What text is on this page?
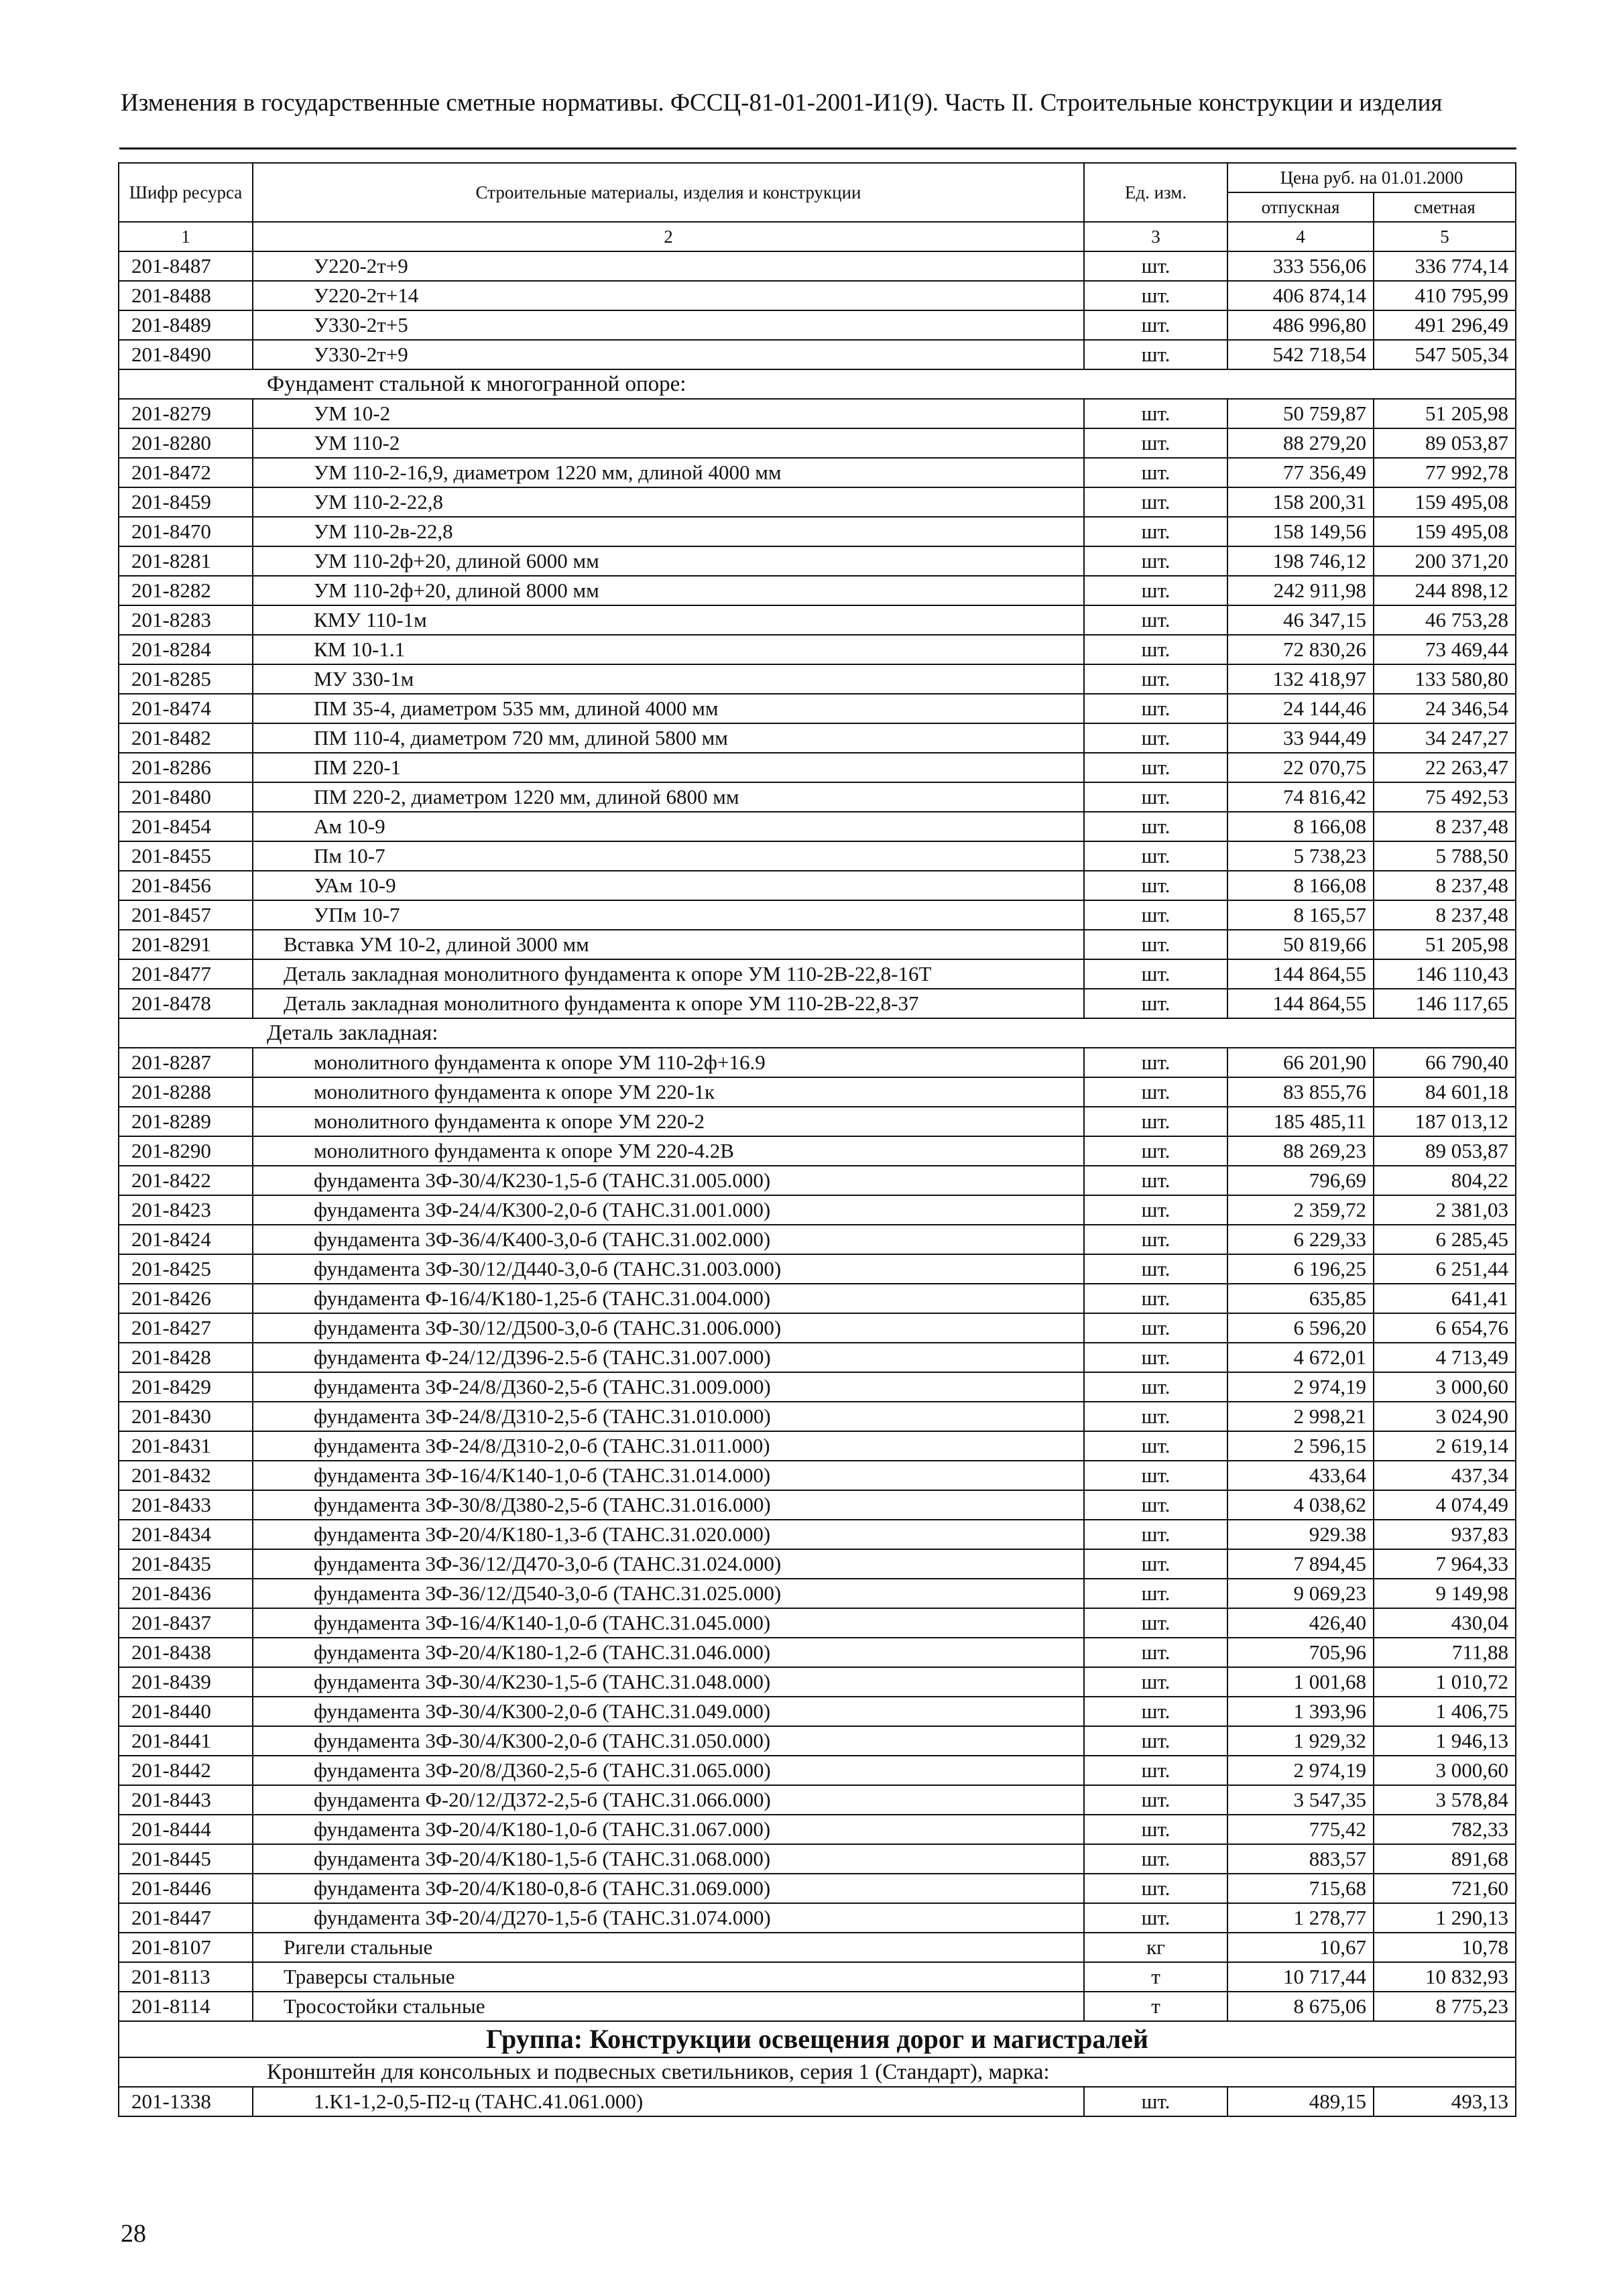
Изменения в государственные сметные нормативы. ФССЦ-81-01-2001-И1(9). Часть II. Строительные конструкции и изделия
Шифр ресурса	Строительные материалы, изделия и конструкции	Ед. изм.	Цена руб. на 01.01.2000	
			отпускная	сметная
1	2	3	4	5
201-8487	У220-2т+9	шт.	333 556,06	336 774,14
201-8488	У220-2т+14	шт.	406 874,14	410 795,99
201-8489	У330-2т+5	шт.	486 996,80	491 296,49
201-8490	У330-2т+9	шт.	542 718,54	547 505,34
Фундамент стальной к многогранной опоре:				
201-8279	УМ 10-2	шт.	50 759,87	51 205,98
201-8280	УМ 110-2	шт.	88 279,20	89 053,87
201-8472	УМ 110-2-16,9, диаметром 1220 мм, длиной 4000 мм	шт.	77 356,49	77 992,78
201-8459	УМ 110-2-22,8	шт.	158 200,31	159 495,08
201-8470	УМ 110-2в-22,8	шт.	158 149,56	159 495,08
201-8281	УМ 110-2ф+20, длиной 6000 мм	шт.	198 746,12	200 371,20
201-8282	УМ 110-2ф+20, длиной 8000 мм	шт.	242 911,98	244 898,12
201-8283	КМУ 110-1м	шт.	46 347,15	46 753,28
201-8284	КМ 10-1.1	шт.	72 830,26	73 469,44
201-8285	МУ 330-1м	шт.	132 418,97	133 580,80
201-8474	ПМ 35-4, диаметром 535 мм, длиной 4000 мм	шт.	24 144,46	24 346,54
201-8482	ПМ 110-4, диаметром 720 мм, длиной 5800 мм	шт.	33 944,49	34 247,27
201-8286	ПМ 220-1	шт.	22 070,75	22 263,47
201-8480	ПМ 220-2, диаметром 1220 мм, длиной 6800 мм	шт.	74 816,42	75 492,53
201-8454	Ам 10-9	шт.	8 166,08	8 237,48
201-8455	Пм 10-7	шт.	5 738,23	5 788,50
201-8456	УАм 10-9	шт.	8 166,08	8 237,48
201-8457	УПм 10-7	шт.	8 165,57	8 237,48
201-8291	Вставка УМ 10-2, длиной 3000 мм	шт.	50 819,66	51 205,98
201-8477	Деталь закладная монолитного фундамента к опоре УМ 110-2В-22,8-16Т	шт.	144 864,55	146 110,43
201-8478	Деталь закладная монолитного фундамента к опоре УМ 110-2В-22,8-37	шт.	144 864,55	146 117,65
Деталь закладная:				
201-8287	монолитного фундамента к опоре УМ 110-2ф+16.9	шт.	66 201,90	66 790,40
201-8288	монолитного фундамента к опоре УМ 220-1к	шт.	83 855,76	84 601,18
201-8289	монолитного фундамента к опоре УМ 220-2	шт.	185 485,11	187 013,12
201-8290	монолитного фундамента к опоре УМ 220-4.2В	шт.	88 269,23	89 053,87
201-8422	фундамента 3Ф-30/4/К230-1,5-б (ТАНС.31.005.000)	шт.	796,69	804,22
201-8423	фундамента 3Ф-24/4/К300-2,0-б (ТАНС.31.001.000)	шт.	2 359,72	2 381,03
201-8424	фундамента 3Ф-36/4/К400-3,0-б (ТАНС.31.002.000)	шт.	6 229,33	6 285,45
201-8425	фундамента 3Ф-30/12/Д440-3,0-б (ТАНС.31.003.000)	шт.	6 196,25	6 251,44
201-8426	фундамента Ф-16/4/К180-1,25-б (ТАНС.31.004.000)	шт.	635,85	641,41
201-8427	фундамента 3Ф-30/12/Д500-3,0-б (ТАНС.31.006.000)	шт.	6 596,20	6 654,76
201-8428	фундамента Ф-24/12/Д396-2.5-б (ТАНС.31.007.000)	шт.	4 672,01	4 713,49
201-8429	фундамента 3Ф-24/8/Д360-2,5-б (ТАНС.31.009.000)	шт.	2 974,19	3 000,60
201-8430	фундамента 3Ф-24/8/Д310-2,5-б (ТАНС.31.010.000)	шт.	2 998,21	3 024,90
201-8431	фундамента 3Ф-24/8/Д310-2,0-б (ТАНС.31.011.000)	шт.	2 596,15	2 619,14
201-8432	фундамента 3Ф-16/4/К140-1,0-б (ТАНС.31.014.000)	шт.	433,64	437,34
201-8433	фундамента 3Ф-30/8/Д380-2,5-б (ТАНС.31.016.000)	шт.	4 038,62	4 074,49
201-8434	фундамента 3Ф-20/4/К180-1,3-б (ТАНС.31.020.000)	шт.	929.38	937,83
201-8435	фундамента 3Ф-36/12/Д470-3,0-б (ТАНС.31.024.000)	шт.	7 894,45	7 964,33
201-8436	фундамента 3Ф-36/12/Д540-3,0-б (ТАНС.31.025.000)	шт.	9 069,23	9 149,98
201-8437	фундамента 3Ф-16/4/К140-1,0-б (ТАНС.31.045.000)	шт.	426,40	430,04
201-8438	фундамента 3Ф-20/4/К180-1,2-б (ТАНС.31.046.000)	шт.	705,96	711,88
201-8439	фундамента 3Ф-30/4/К230-1,5-б (ТАНС.31.048.000)	шт.	1 001,68	1 010,72
201-8440	фундамента 3Ф-30/4/К300-2,0-б (ТАНС.31.049.000)	шт.	1 393,96	1 406,75
201-8441	фундамента 3Ф-30/4/К300-2,0-б (ТАНС.31.050.000)	шт.	1 929,32	1 946,13
201-8442	фундамента 3Ф-20/8/Д360-2,5-б (ТАНС.31.065.000)	шт.	2 974,19	3 000,60
201-8443	фундамента Ф-20/12/Д372-2,5-б (ТАНС.31.066.000)	шт.	3 547,35	3 578,84
201-8444	фундамента 3Ф-20/4/К180-1,0-б (ТАНС.31.067.000)	шт.	775,42	782,33
201-8445	фундамента 3Ф-20/4/К180-1,5-б (ТАНС.31.068.000)	шт.	883,57	891,68
201-8446	фундамента 3Ф-20/4/К180-0,8-б (ТАНС.31.069.000)	шт.	715,68	721,60
201-8447	фундамента 3Ф-20/4/Д270-1,5-б (ТАНС.31.074.000)	шт.	1 278,77	1 290,13
201-8107	Ригели стальные	кг	10,67	10,78
201-8113	Траверсы стальные	т	10 717,44	10 832,93
201-8114	Тросостойки стальные	т	8 675,06	8 775,23
Группа: Конструкции освещения дорог и магистралей				
Кронштейн для консольных и подвесных светильников, серия 1 (Стандарт), марка:				
201-1338	1.К1-1,2-0,5-П2-ц (ТАНС.41.061.000)	шт.	489,15	493,13
28
